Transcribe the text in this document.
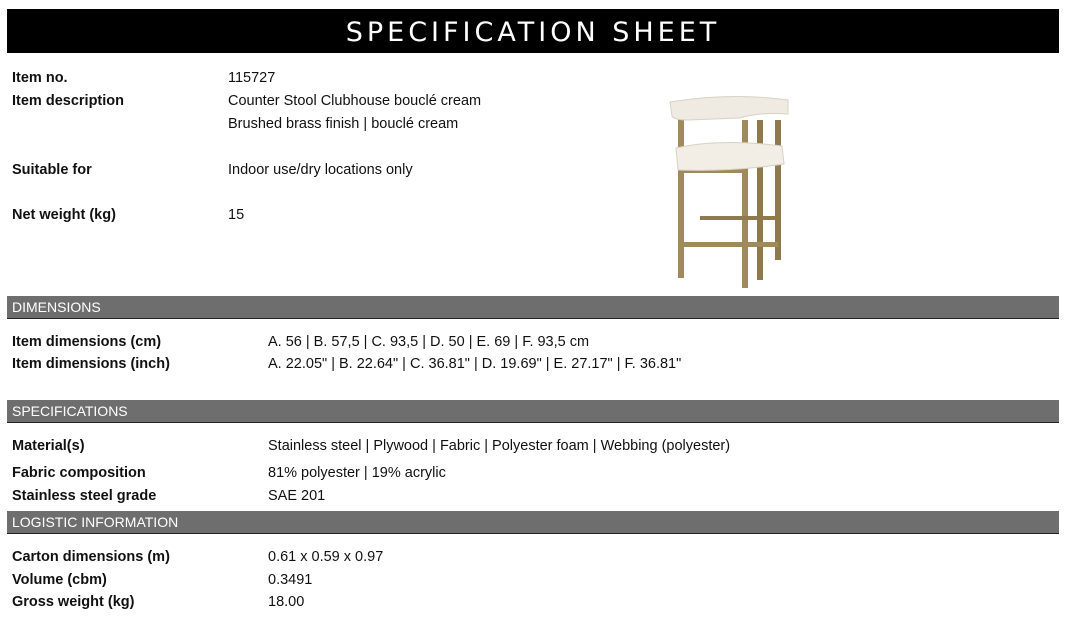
SPECIFICATION SHEET
Item no.	115727
Item description	Counter Stool Clubhouse bouclé cream
Brushed brass finish | bouclé cream
Suitable for	Indoor use/dry locations only
Net weight (kg)	15
DIMENSIONS
Item dimensions (cm)	A. 56 | B. 57,5 | C. 93,5 | D. 50 | E. 69 | F. 93,5 cm
Item dimensions (inch)	A. 22.05" | B. 22.64" | C. 36.81" | D. 19.69" | E. 27.17" | F. 36.81"
SPECIFICATIONS
Material(s)	Stainless steel | Plywood | Fabric | Polyester foam | Webbing (polyester)
Fabric composition	81% polyester | 19% acrylic
Stainless steel grade	SAE 201
LOGISTIC INFORMATION
Carton dimensions (m)	0.61 x 0.59 x 0.97
Volume (cbm)	0.3491
Gross weight (kg)	18.00
